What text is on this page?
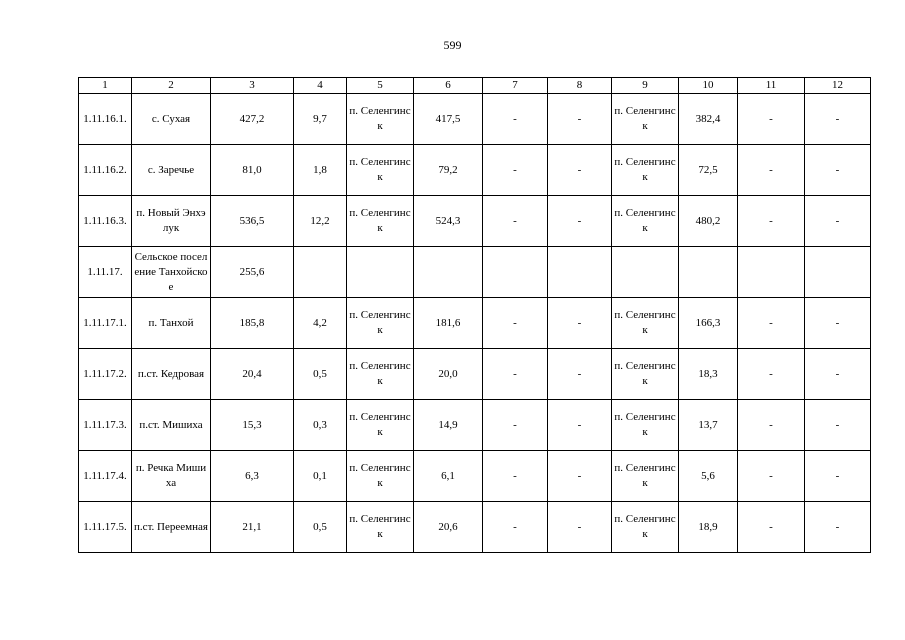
599
1	2	3	4	5	6	7	8	9	10	11	12
1.11.16.1.	с. Сухая	427,2	9,7	п. Селенгинск	417,5	-	-	п. Селенгинск	382,4	-	-
1.11.16.2.	с. Заречье	81,0	1,8	п. Селенгинск	79,2	-	-	п. Селенгинск	72,5	-	-
1.11.16.3.	п. Новый Энхэлук	536,5	12,2	п. Селенгинск	524,3	-	-	п. Селенгинск	480,2	-	-
1.11.17.	Сельское поселение Танхойское	255,6									
1.11.17.1.	п. Танхой	185,8	4,2	п. Селенгинск	181,6	-	-	п. Селенгинск	166,3	-	-
1.11.17.2.	п.ст. Кедровая	20,4	0,5	п. Селенгинск	20,0	-	-	п. Селенгинск	18,3	-	-
1.11.17.3.	п.ст. Мишиха	15,3	0,3	п. Селенгинск	14,9	-	-	п. Селенгинск	13,7	-	-
1.11.17.4.	п. Речка Мишиха	6,3	0,1	п. Селенгинск	6,1	-	-	п. Селенгинск	5,6	-	-
1.11.17.5.	п.ст. Переемная	21,1	0,5	п. Селенгинск	20,6	-	-	п. Селенгинск	18,9	-	-
